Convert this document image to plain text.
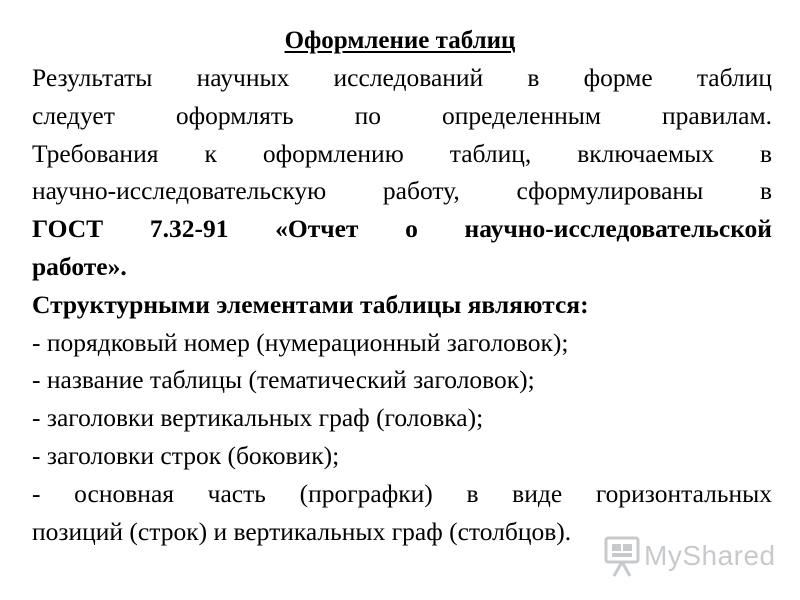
Оформление таблиц
Результаты научных исследований в форме таблиц
следует оформлять по определенным правилам.
Требования к оформлению таблиц, включаемых в
научно-исследовательскую работу, сформулированы в
ГОСТ 7.32-91 «Отчет о научно-исследовательской
работе».
Структурными элементами таблицы являются:
- порядковый номер (нумерационный заголовок);
- название таблицы (тематический заголовок);
- заголовки вертикальных граф (головка);
- заголовки строк (боковик);
- основная часть (прографки) в виде горизонтальных
позиций (строк) и вертикальных граф (столбцов).
MyShared
